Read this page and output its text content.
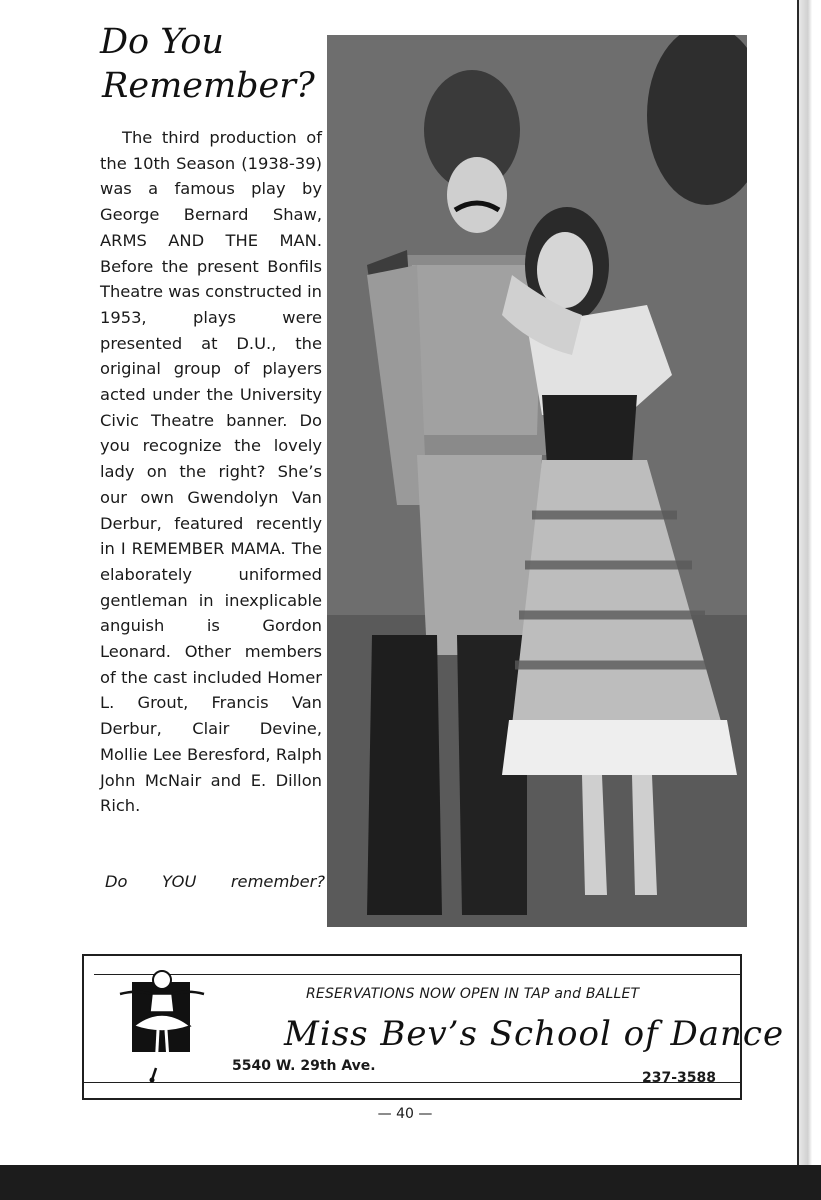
Do You

Remember?

The third production of the 10th Season (1938-39) was a famous play by George Bernard Shaw, ARMS AND THE MAN. Before the present Bonfils Theatre was constructed in 1953, plays were presented at D.U., the original group of players acted under the University Civic Theatre banner. Do you recognize the lovely lady on the right? She’s our own Gwendolyn Van Derbur, featured recently in I REMEMBER MAMA. The elaborately uniformed gentleman in inexplicable anguish is Gordon Leonard. Other members of the cast included Homer L. Grout, Francis Van Derbur, Clair Devine, Mollie Lee Beresford, Ralph John McNair and E. Dillon Rich.

Do YOU remember?
RESERVATIONS NOW OPEN IN TAP and BALLET
Miss Bev’s School of Dance
5540 W. 29th Ave.
237-3588
— 40 —
